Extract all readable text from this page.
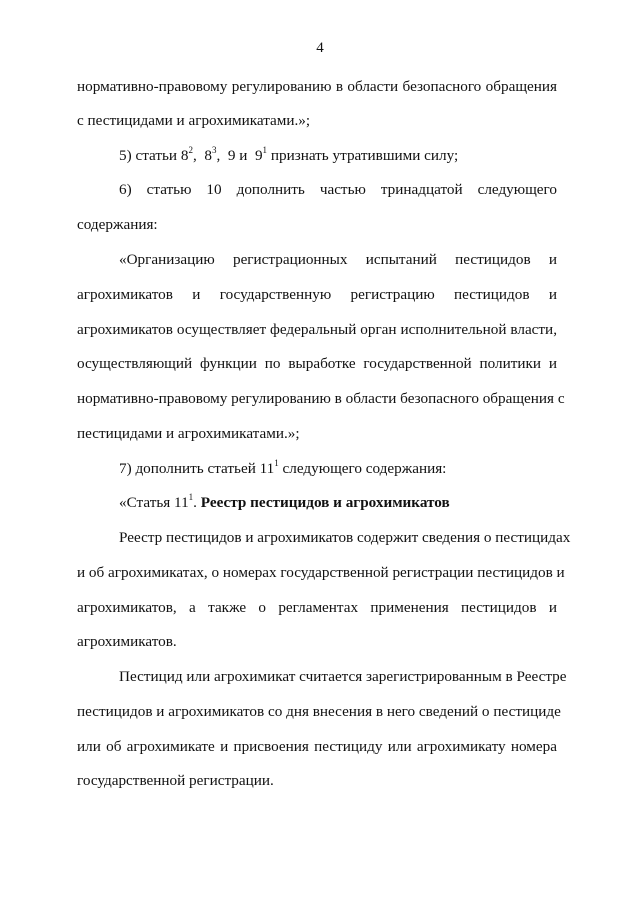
4
нормативно-правовому регулированию в области безопасного обращения
с пестицидами и агрохимикатами.»;
5) статьи $8^2$,  $8^3$,  9 и  $9^1$ признать утратившими силу;
6) статью 10 дополнить частью тринадцатой следующего
содержания:
«Организацию регистрационных испытаний пестицидов и
агрохимикатов и государственную регистрацию пестицидов и
агрохимикатов осуществляет федеральный орган исполнительной власти,
осуществляющий функции по выработке государственной политики и
нормативно-правовому регулированию в области безопасного обращения с
пестицидами и агрохимикатами.»;
7) дополнить статьей $11^1$ следующего содержания:
«Статья $11^1$. Реестр пестицидов и агрохимикатов
Реестр пестицидов и агрохимикатов содержит сведения о пестицидах
и об агрохимикатах, о номерах государственной регистрации пестицидов и
агрохимикатов, а также о регламентах применения пестицидов и
агрохимикатов.
Пестицид или агрохимикат считается зарегистрированным в Реестре
пестицидов и агрохимикатов со дня внесения в него сведений о пестициде
или об агрохимикате и присвоения пестициду или агрохимикату номера
государственной регистрации.
